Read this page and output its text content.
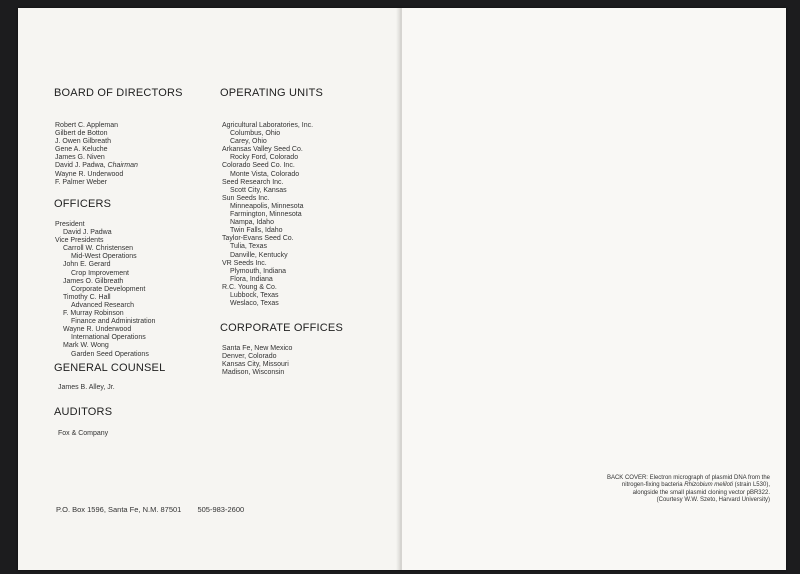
BOARD OF DIRECTORS
Robert C. Appleman
Gilbert de Botton
J. Owen Gilbreath
Gene A. Keluche
James G. Niven
David J. Padwa, Chairman
Wayne R. Underwood
F. Palmer Weber
OFFICERS
President
David J. Padwa
Vice Presidents
Carroll W. Christensen
Mid-West Operations
John E. Gerard
Crop Improvement
James O. Gilbreath
Corporate Development
Timothy C. Hall
Advanced Research
F. Murray Robinson
Finance and Administration
Wayne R. Underwood
International Operations
Mark W. Wong
Garden Seed Operations
GENERAL COUNSEL
James B. Alley, Jr.
AUDITORS
Fox & Company
OPERATING UNITS
Agricultural Laboratories, Inc.
Columbus, Ohio
Carey, Ohio
Arkansas Valley Seed Co.
Rocky Ford, Colorado
Colorado Seed Co. Inc.
Monte Vista, Colorado
Seed Research Inc.
Scott City, Kansas
Sun Seeds Inc.
Minneapolis, Minnesota
Farmington, Minnesota
Nampa, Idaho
Twin Falls, Idaho
Taylor-Evans Seed Co.
Tulia, Texas
Danville, Kentucky
VR Seeds Inc.
Plymouth, Indiana
Flora, Indiana
R.C. Young & Co.
Lubbock, Texas
Weslaco, Texas
CORPORATE OFFICES
Santa Fe, New Mexico
Denver, Colorado
Kansas City, Missouri
Madison, Wisconsin
P.O. Box 1596, Santa Fe, N.M. 87501 505-983-2600
BACK COVER: Electron micrograph of plasmid DNA from the
nitrogen-fixing bacteria Rhizobium meliloti (strain L530),
alongside the small plasmid cloning vector pBR322.
(Courtesy W.W. Szeto, Harvard University)
